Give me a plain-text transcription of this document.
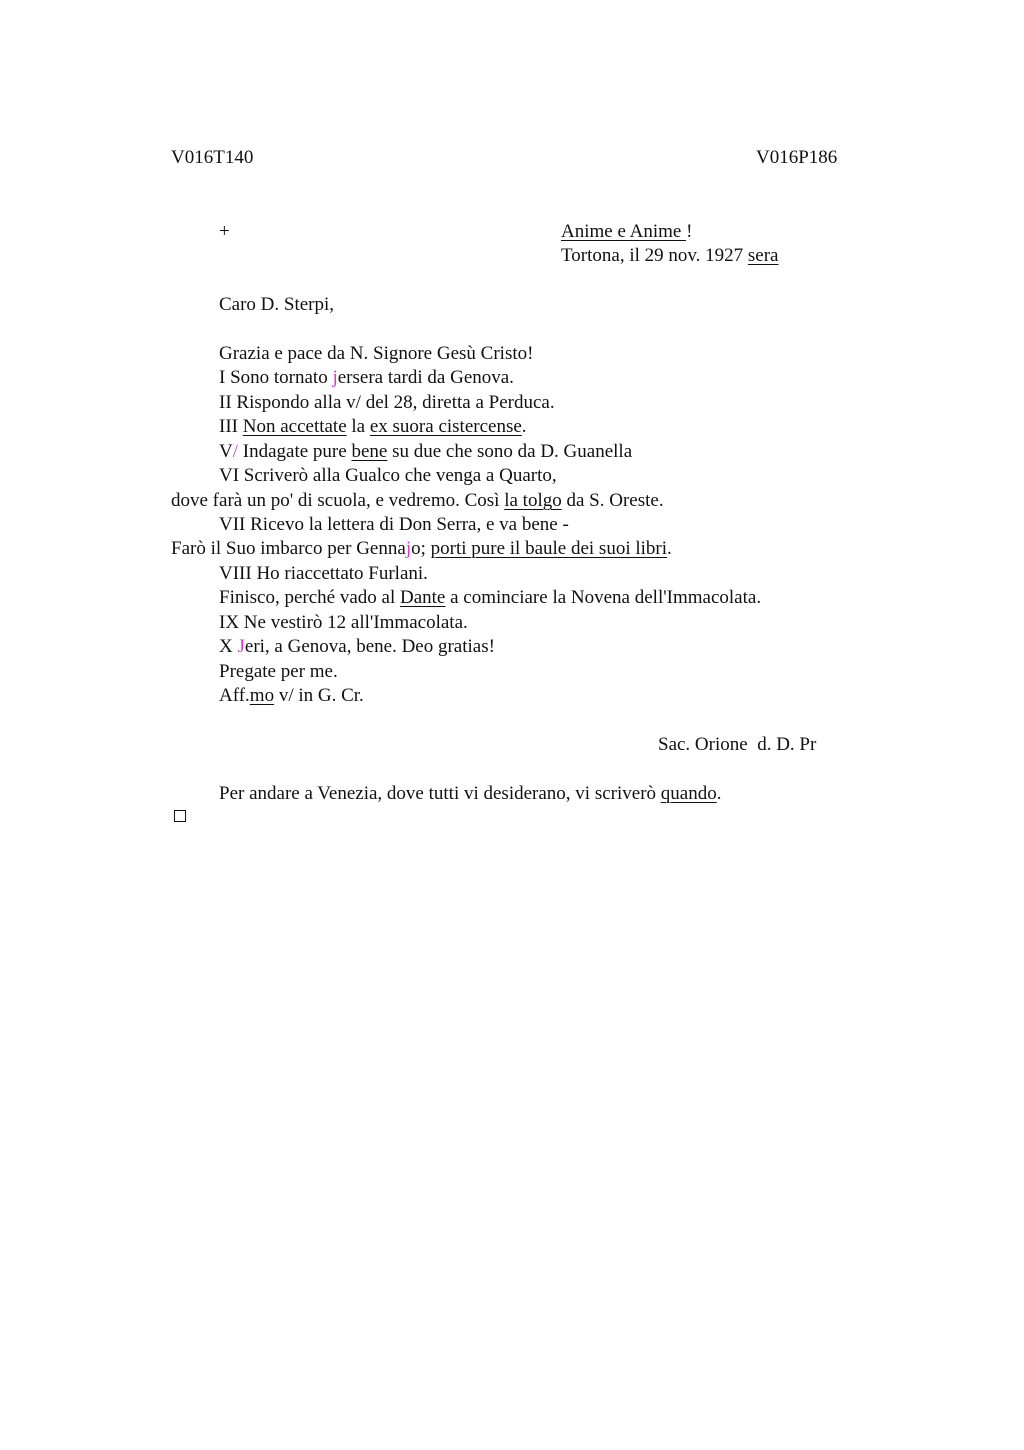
V016T140	V016P186
+	Anime e Anime !
Tortona, il 29 nov. 1927 sera
Caro D. Sterpi,
Grazia e pace da N. Signore Gesù Cristo!
I Sono tornato jersera tardi da Genova.
II Rispondo alla v/ del 28, diretta a Perduca.
III Non accettate la ex suora cistercense.
V/ Indagate pure bene su due che sono da D. Guanella
VI Scriverò alla Gualco che venga a Quarto,
dove farà un po' di scuola, e vedremo. Così la tolgo da S. Oreste.
VII Ricevo la lettera di Don Serra, e va bene -
Farò il Suo imbarco per Gennajo; porti pure il baule dei suoi libri.
VIII Ho riaccettato Furlani.
Finisco, perché vado al Dante a cominciare la Novena dell'Immacolata.
IX Ne vestirò 12 all'Immacolata.
X Jeri, a Genova, bene. Deo gratias!
Pregate per me.
Aff.mo v/ in G. Cr.
Sac. Orione  d. D. Pr
Per andare a Venezia, dove tutti vi desiderano, vi scriverò quando.
